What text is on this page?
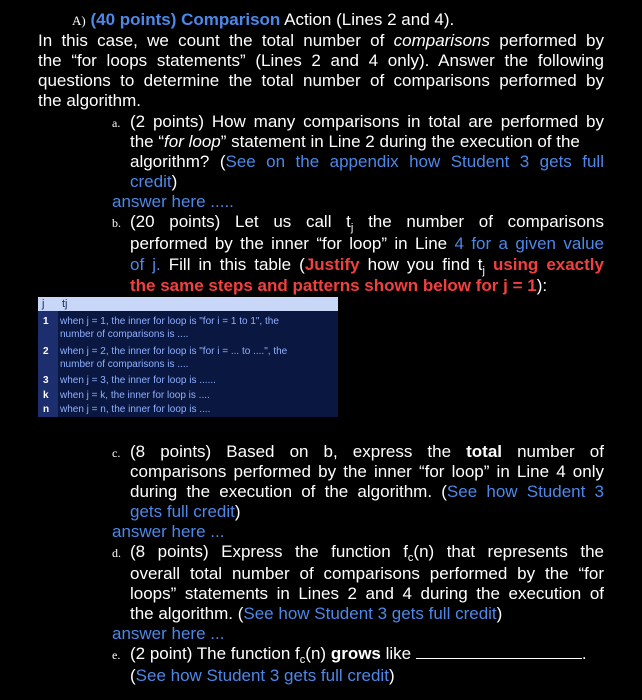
A) (40 points) Comparison Action (Lines 2 and 4).
In this case, we count the total number of comparisons performed by
the “for loops statements” (Lines 2 and 4 only). Answer the following
questions to determine the total number of comparisons performed by
the algorithm.
a. (2 points) How many comparisons in total are performed by
the “for loop” statement in Line 2 during the execution of the
algorithm? (See on the appendix how Student 3 gets full
credit)
answer here .....
b. (20 points) Let us call $t_j$ the number of comparisons
performed by the inner “for loop” in Line 4 for a given value
of j. Fill in this table (Justify how you find $t_j$ using exactly
the same steps and patterns shown below for j = 1):
j tj
1 when j = 1, the inner for loop is "for i = 1 to 1", the
number of comparisons is ....
2 when j = 2, the inner for loop is "for i = ... to ....", the
number of comparisons is ....
3 when j = 3, the inner for loop is ......
k when j = k, the inner for loop is ....
n when j = n, the inner for loop is ....
c. (8 points) Based on b, express the total number of
comparisons performed by the inner “for loop” in Line 4 only
during the execution of the algorithm. (See how Student 3
gets full credit)
answer here ...
d. (8 points) Express the function $f_c(n)$ that represents the
overall total number of comparisons performed by the “for
loops” statements in Lines 2 and 4 during the execution of
the algorithm. (See how Student 3 gets full credit)
answer here ...
e. (2 point) The function $f_c(n)$ grows like	.
(See how Student 3 gets full credit)
